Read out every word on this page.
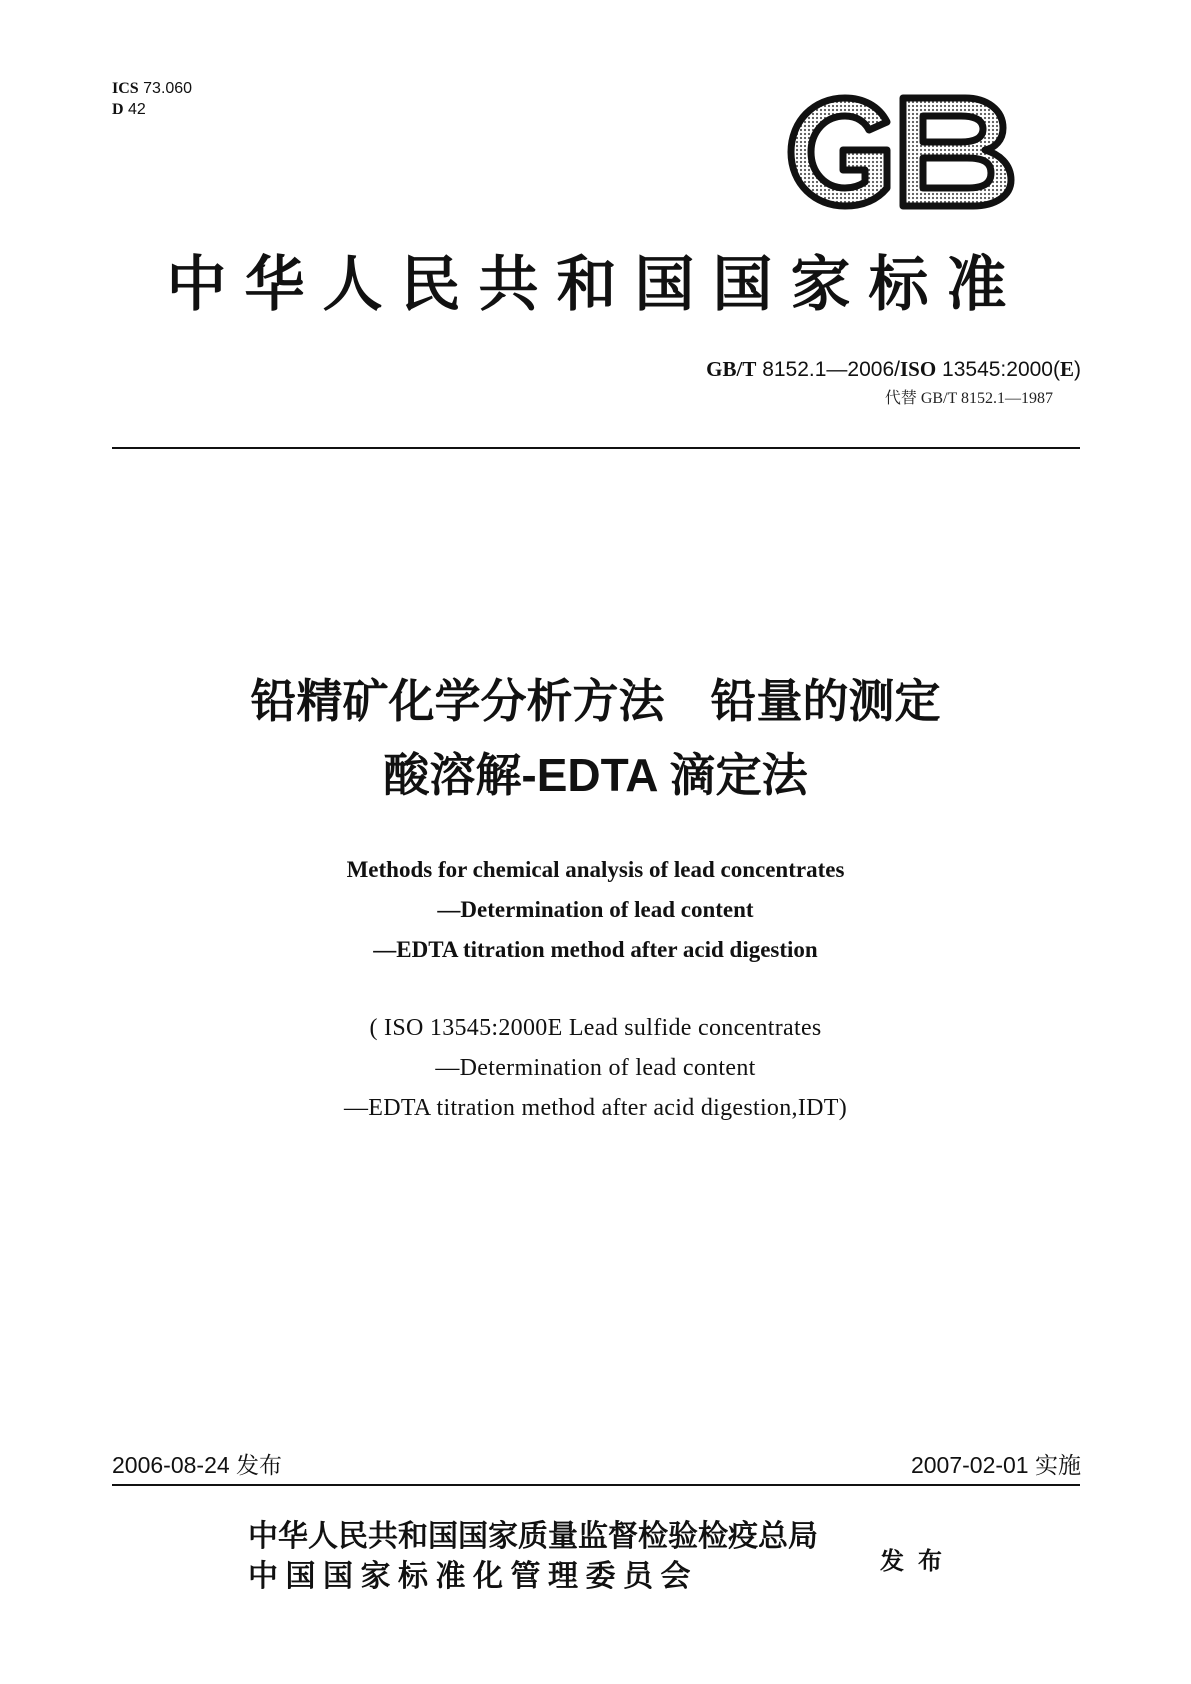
ICS 73.060
D 42
中华人民共和国国家标准
GB/T 8152.1—2006/ISO 13545:2000(E)
代替 GB/T 8152.1—1987
铅精矿化学分析方法　铅量的测定
酸溶解-EDTA 滴定法
Methods for chemical analysis of lead concentrates
—Determination of lead content
—EDTA titration method after acid digestion
( ISO 13545:2000E Lead sulfide concentrates
—Determination of lead content
—EDTA titration method after acid digestion,IDT)
2006-08-24 发布	2007-02-01 实施
中华人民共和国国家质量监督检验检疫总局
中 国 国 家 标 准 化 管 理 委 员 会	发布
